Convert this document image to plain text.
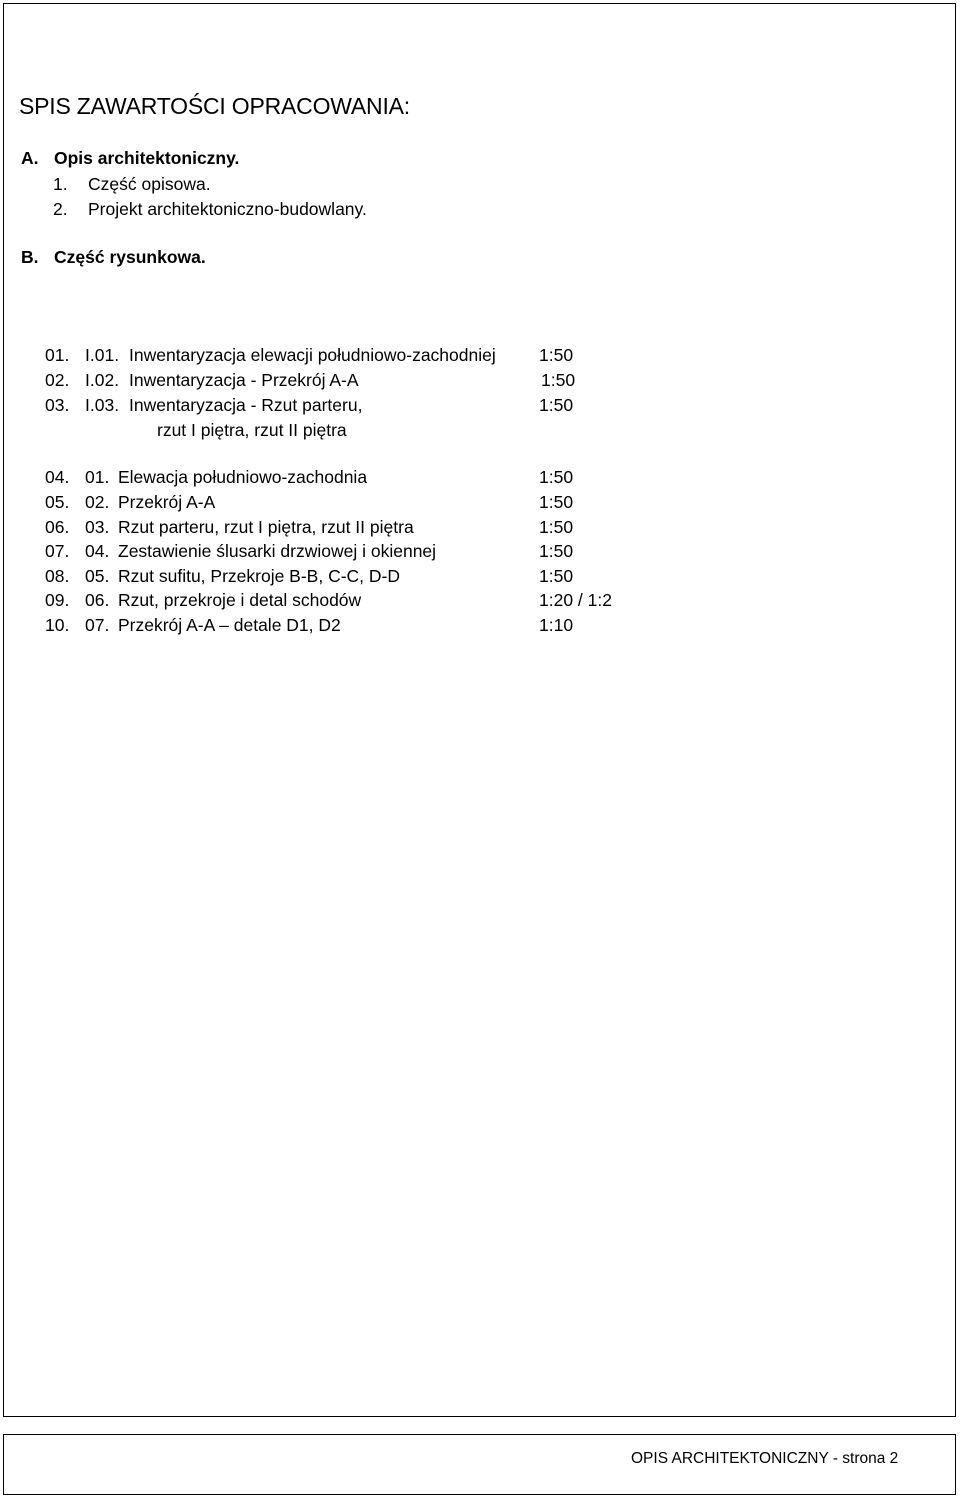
SPIS ZAWARTOŚCI OPRACOWANIA:
A. Opis architektoniczny.
1. Część opisowa.
2. Projekt architektoniczno-budowlany.
B. Część rysunkowa.
01. I.01. Inwentaryzacja elewacji południowo-zachodniej 1:50
02. I.02. Inwentaryzacja - Przekrój A-A	1:50
03. I.03. Inwentaryzacja - Rzut parteru,	1:50
rzut I piętra, rzut II piętra
04. 01. Elewacja południowo-zachodnia	1:50
05. 02. Przekrój A-A	1:50
06. 03. Rzut parteru, rzut I piętra, rzut II piętra	1:50
07. 04. Zestawienie ślusarki drzwiowej i okiennej	1:50
08. 05. Rzut sufitu, Przekroje B-B, C-C, D-D	1:50
09. 06. Rzut, przekroje i detal schodów	1:20 / 1:2
10. 07. Przekrój A-A – detale D1, D2	1:10
OPIS ARCHITEKTONICZNY - strona 2
